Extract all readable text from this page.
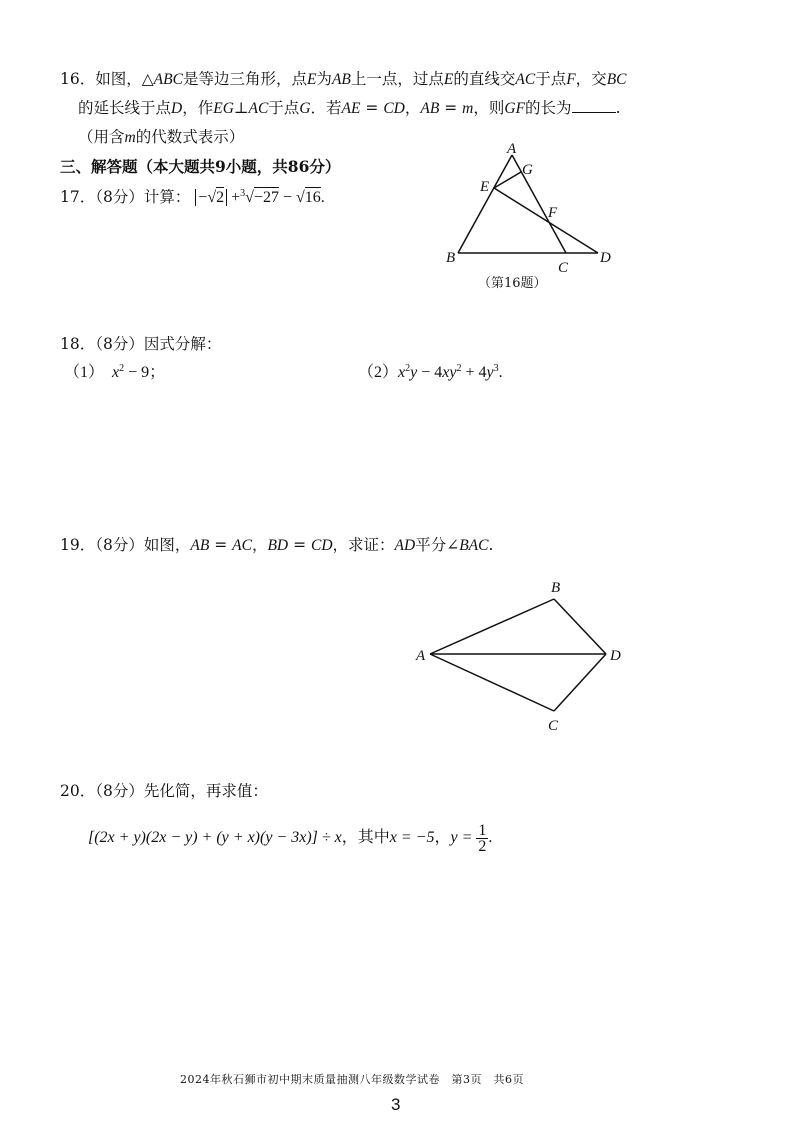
16．如图，△ABC是等边三角形，点E为AB上一点，过点E的直线交AC于点F，交BC
的延长线于点D，作EG⊥AC于点G．若AE = CD，AB = m，则GF的长为	.
（用含m的代数式表示）
三、解答题（本大题共9小题，共86分）
17．（8分）计算： −√2 +$^3$√−27 − √16.
A
G
E
F
B
C
D
（第16题）
18．（8分）因式分解：
（1） $x^2 - 9$；	$(2)x^2y - 4xy^2 + 4y^3$.
19．（8分）如图，AB = AC，BD = CD，求证：AD平分∠BAC.
A
B
C
D
20．（8分）先化简，再求值：
[(2x + y)(2x − y) + (y + x)(y − 3x)] ÷ x，其中x = −5，$y = \frac{1}{2}$ .
2024年秋石狮市初中期末质量抽测八年级数学试卷　第3页　共6页
3
